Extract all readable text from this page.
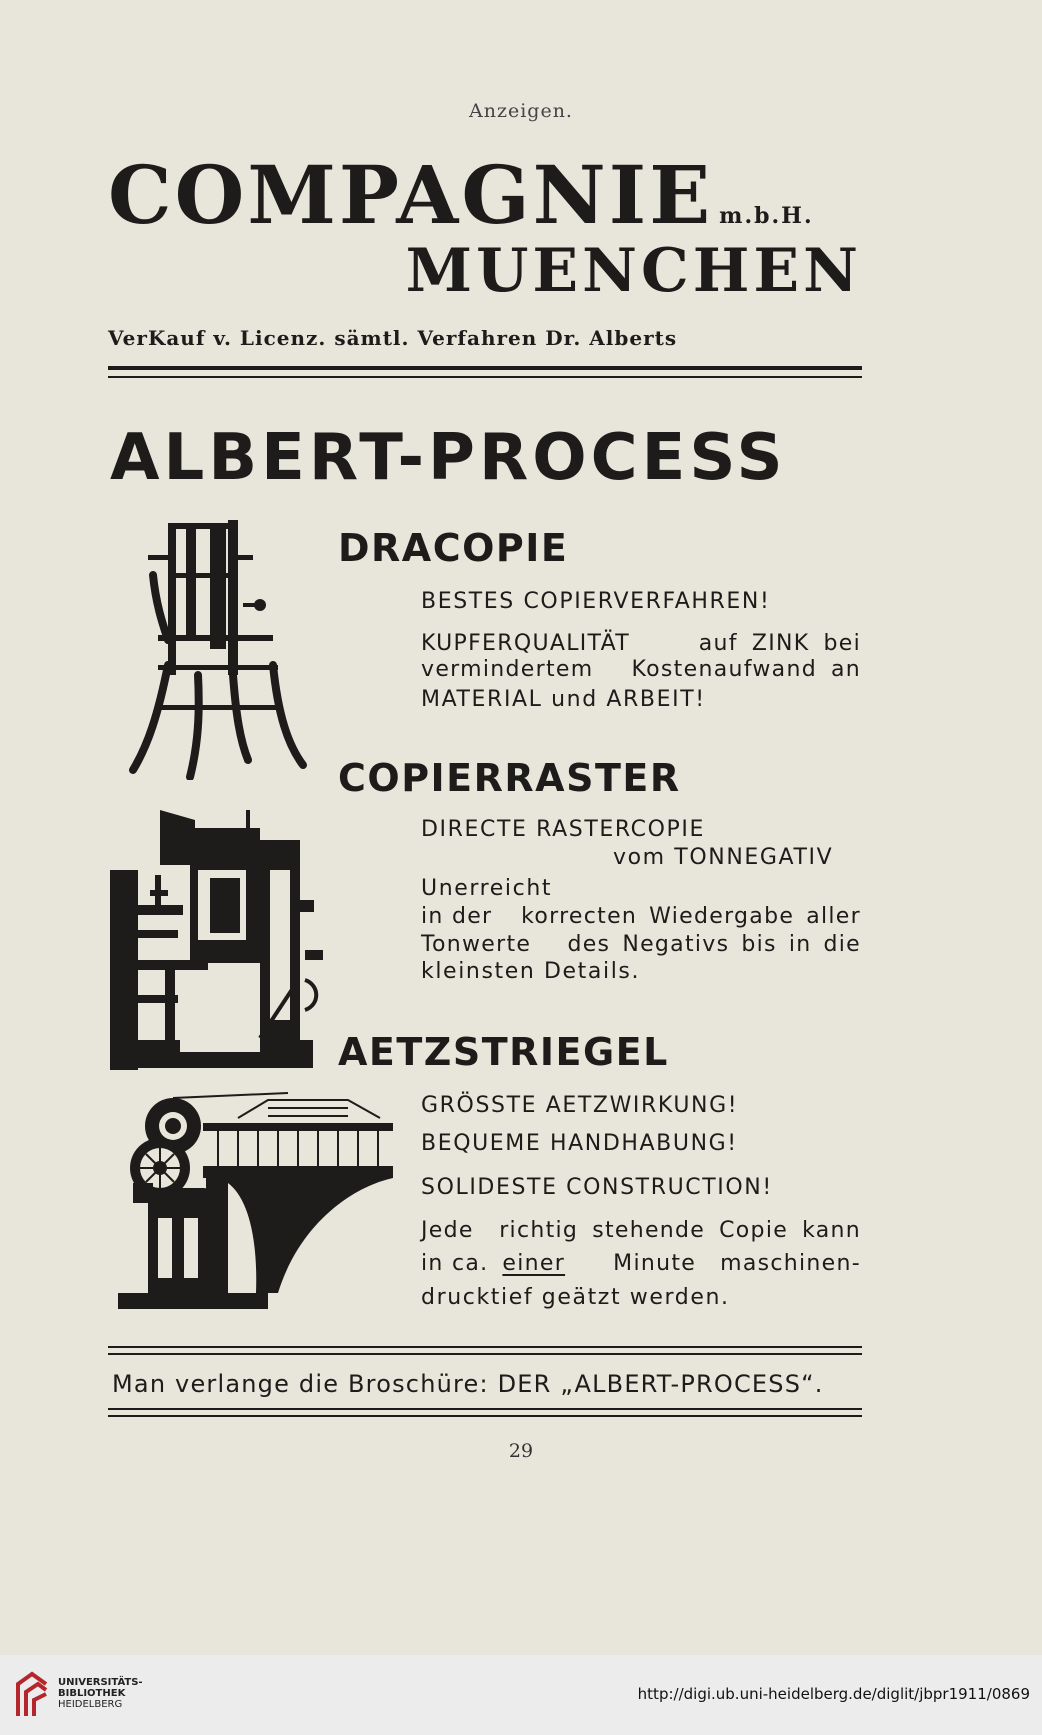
Anzeigen.
COMPAGNIE m.b.H.
MUENCHEN
VerKauf v. Licenz. sämtl. Verfahren Dr. Alberts
ALBERT-PROCESS
DRACOPIE
BESTES COPIERVERFAHREN!
KUPFERQUALITÄT	bei
ZINK
auf
vermindertem	an
Kostenaufwand
MATERIAL und ARBEIT!
COPIERRASTER
DIRECTE RASTERCOPIE
vom TONNEGATIV
Unerreicht
in der	aller
Wiedergabe
korrecten
Tonwerte	die
in
bis
Negativs
des
kleinsten Details.
AETZSTRIEGEL
GRÖSSTE AETZWIRKUNG!
BEQUEME HANDHABUNG!
SOLIDESTE CONSTRUCTION!
Jede	kann
Copie
stehende
richtig
in ca. einer	maschinen-
Minute
drucktief geätzt werden.
Man verlange die Broschüre: DER „ALBERT-PROCESS“.
29
UNIVERSITÄTS-
BIBLIOTHEK
HEIDELBERG
http://digi.ub.uni-heidelberg.de/diglit/jbpr1911/0869
